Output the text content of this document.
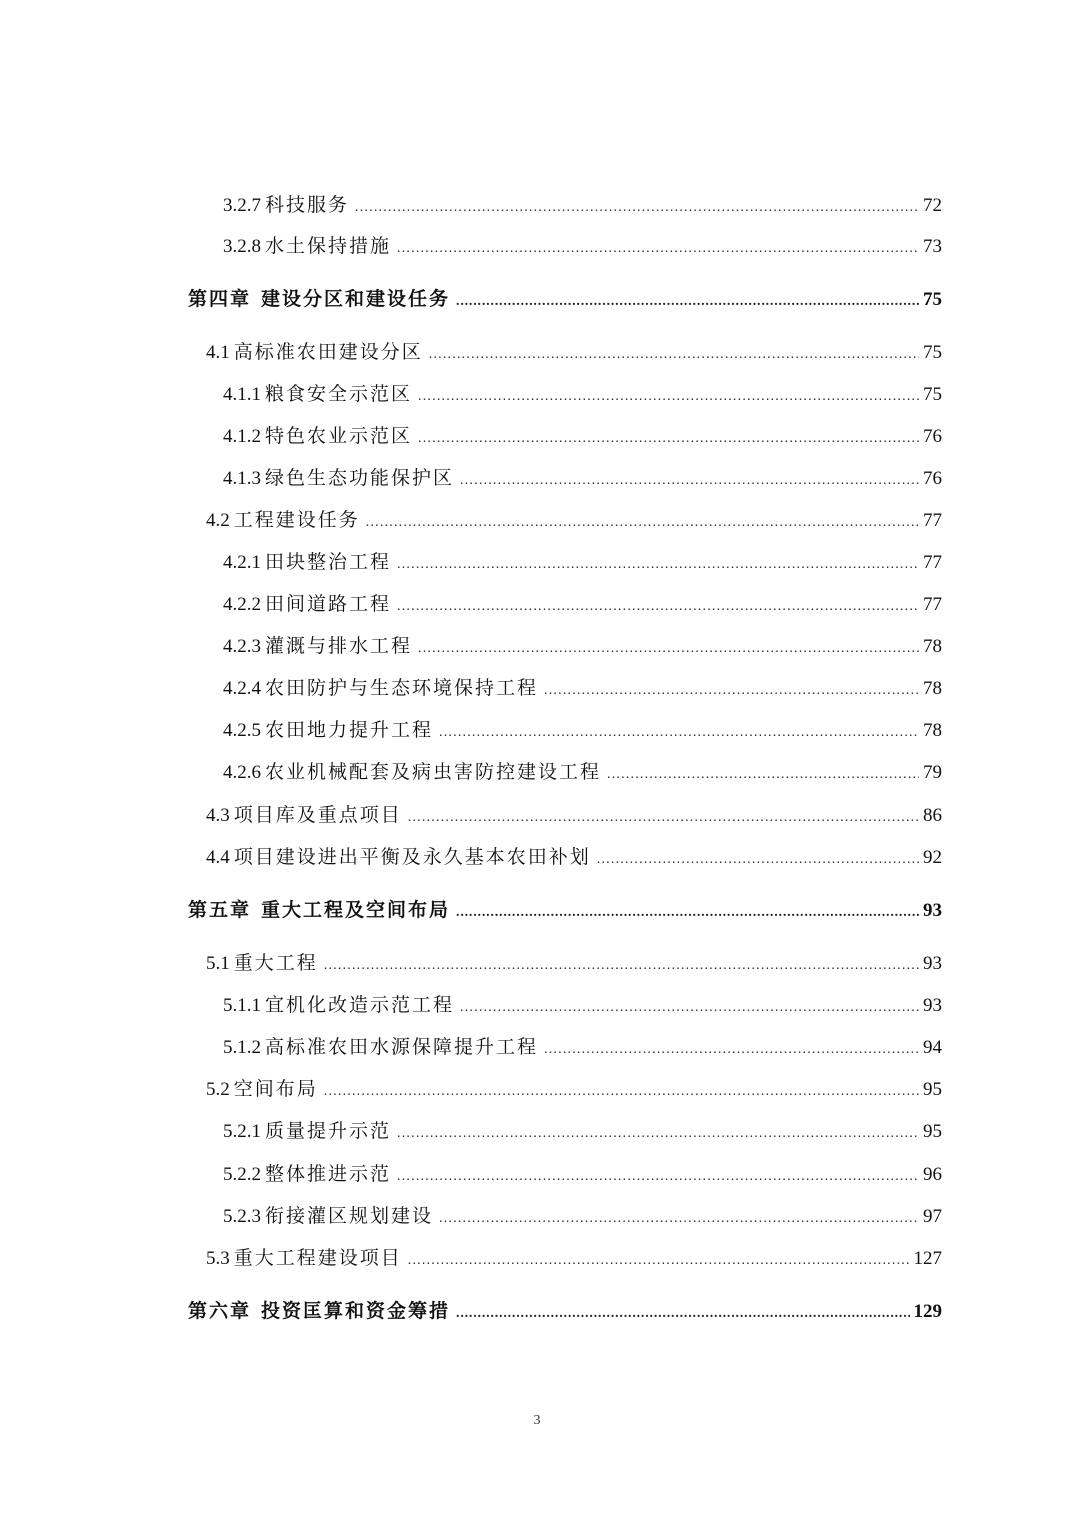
3.2.7 科技服务 .....	72
3.2.8 水土保持措施 .....	73
第四章 建设分区和建设任务 .....	75
4.1 高标准农田建设分区 .....	75
4.1.1 粮食安全示范区 .....	75
4.1.2 特色农业示范区 .....	76
4.1.3 绿色生态功能保护区 .....	76
4.2 工程建设任务 .....	77
4.2.1 田块整治工程 .....	77
4.2.2 田间道路工程 .....	77
4.2.3 灌溉与排水工程 .....	78
4.2.4 农田防护与生态环境保持工程 .....	78
4.2.5 农田地力提升工程 .....	78
4.2.6 农业机械配套及病虫害防控建设工程 .....	79
4.3 项目库及重点项目 .....	86
4.4 项目建设进出平衡及永久基本农田补划 .....	92
第五章 重大工程及空间布局 .....	93
5.1 重大工程 .....	93
5.1.1 宜机化改造示范工程 .....	93
5.1.2 高标准农田水源保障提升工程 .....	94
5.2 空间布局 .....	95
5.2.1 质量提升示范 .....	95
5.2.2 整体推进示范 .....	96
5.2.3 衔接灌区规划建设 .....	97
5.3 重大工程建设项目 .....	127
第六章 投资匡算和资金筹措 .....	129
3
